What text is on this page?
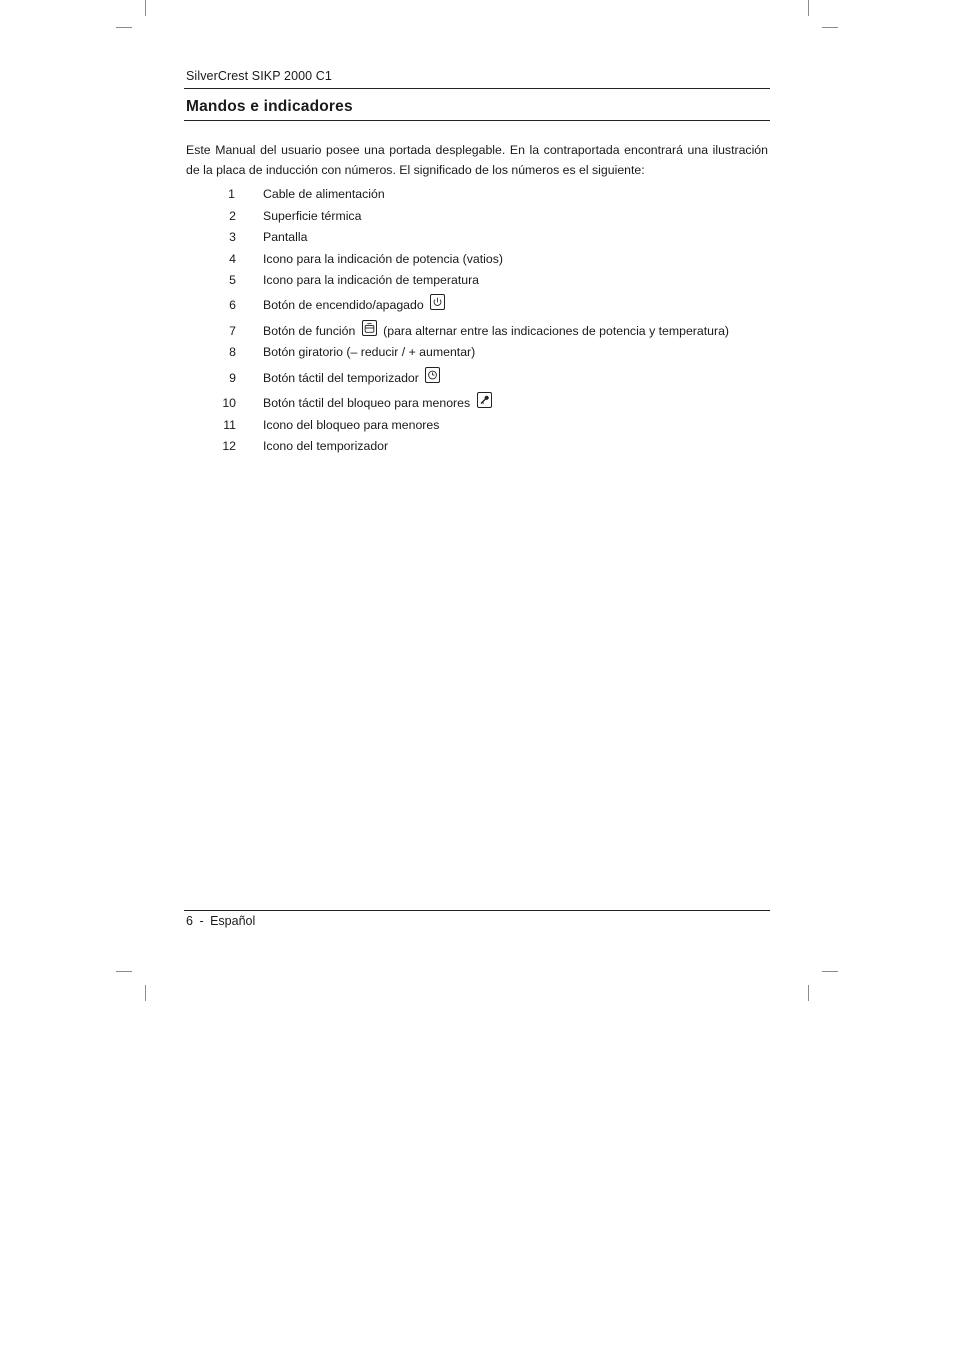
SilverCrest SIKP 2000 C1
Mandos e indicadores

Este Manual del usuario posee una portada desplegable. En la contraportada encontrará una ilustración de la placa de inducción con números. El significado de los números es el siguiente:

1 Cable de alimentación
2 Superficie térmica
3 Pantalla
4 Icono para la indicación de potencia (vatios)
5 Icono para la indicación de temperatura
6 Botón de encendido/apagado
7 Botón de función (para alternar entre las indicaciones de potencia y temperatura)
8 Botón giratorio (– reducir / + aumentar)
9 Botón táctil del temporizador
10 Botón táctil del bloqueo para menores
11 Icono del bloqueo para menores
12 Icono del temporizador
6 - Español
